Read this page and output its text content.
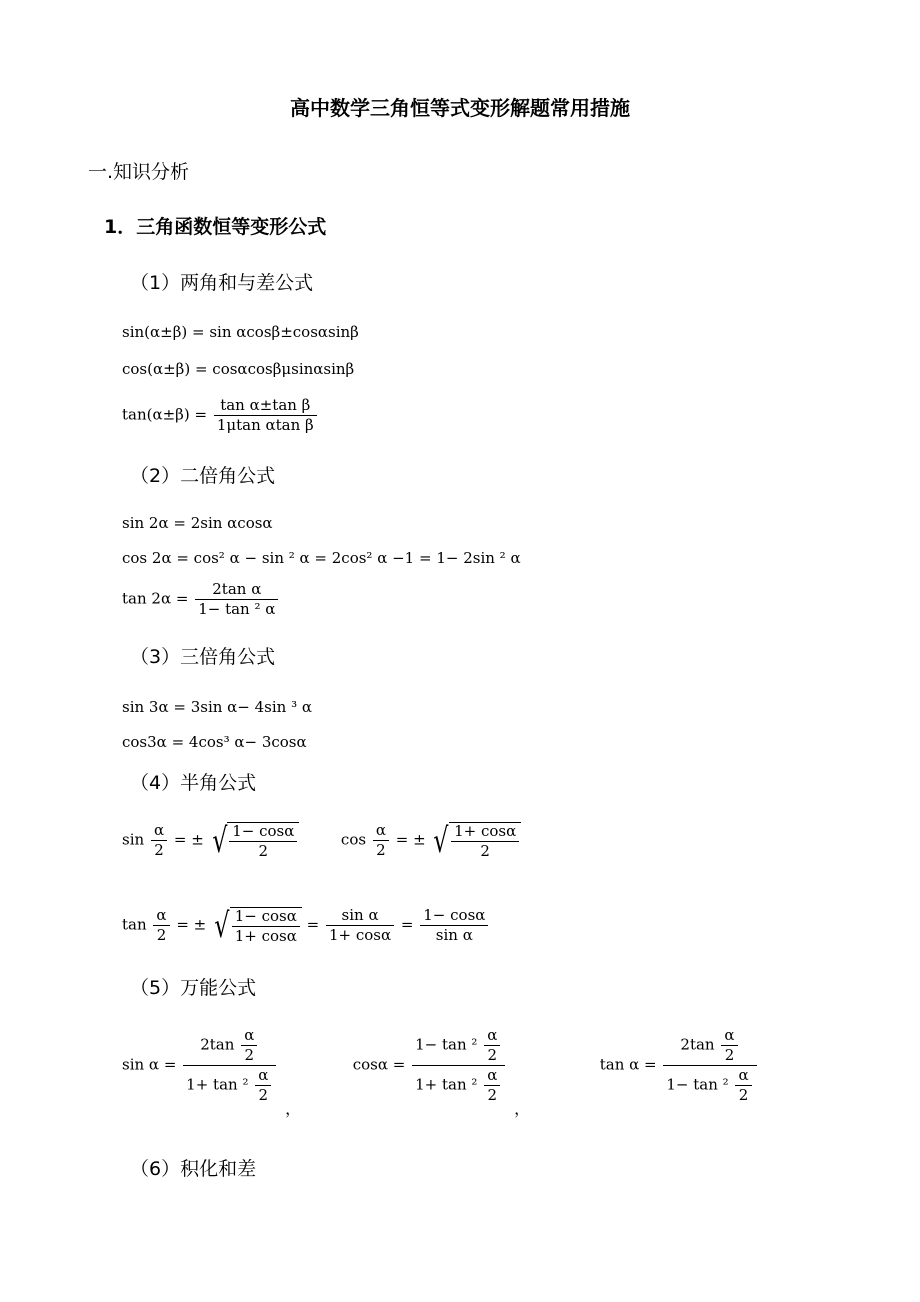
高中数学三角恒等式变形解题常用措施
一.知识分析
1．三角函数恒等变形公式
（1）两角和与差公式
sin(α±β) = sin αcosβ±cosαsinβ
cos(α±β) = cosαcosβμsinαsinβ
$\tan(\alpha\pm\beta) = \frac{\text{tan α±tan β}}{\text{1μtan αtan β}}$
（2）二倍角公式
sin 2α = 2sin αcosα
cos 2α = cos² α − sin ² α = 2cos² α −1 = 1− 2sin ² α
$\tan 2\alpha = \frac{\text{2tan α}}{\text{1− tan ² α}}$
（3）三倍角公式
sin 3α = 3sin α− 4sin ³ α
cos3α = 4cos³ α− 3cosα
（4）半角公式
$\sin \frac{\alpha}{2}$ = ± √ $\frac{1- \cos\alpha}{2}$	$\cos \frac{\alpha}{2}$ = ± √ $\frac{1+ \cos\alpha}{2}$
$\tan \frac{\alpha}{2}$ = ± √ $\frac{1- \cos\alpha}{1+ \cos\alpha} = \frac{\text{sin α}}{1+ \cos\alpha} = \frac{1- \cos\alpha}{\text{sin α}}$
（5）万能公式
$\sin \alpha = \frac{2\tan \frac{\alpha}{2}}{1+ \tan ^2 \frac{\alpha}{2}}$
，  $\cos\alpha = \frac{1- \tan ^2 \frac{\alpha}{2}}{1+ \tan ^2 \frac{\alpha}{2}}$
，  $\tan \alpha = \frac{2\tan \frac{\alpha}{2}}{1- \tan ^2 \frac{\alpha}{2}}$
（6）积化和差
